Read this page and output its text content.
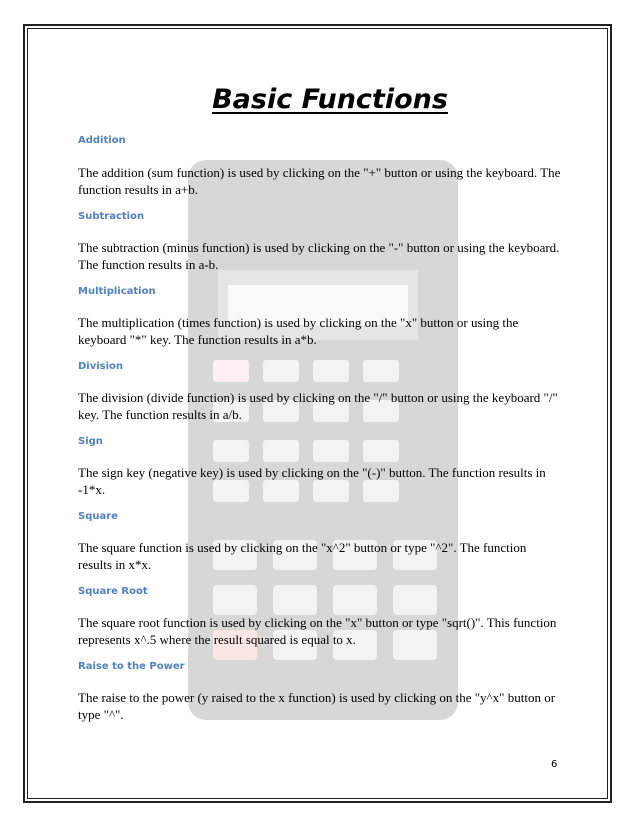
Basic Functions

Addition

The addition (sum function) is used by clicking on the "+" button or using the keyboard. The function results in a+b.

Subtraction

The subtraction (minus function) is used by clicking on the "-" button or using the keyboard. The function results in a-b.

Multiplication

The multiplication (times function) is used by clicking on the "x" button or using the keyboard "*" key. The function results in a*b.

Division

The division (divide function) is used by clicking on the "/" button or using the keyboard "/" key. The function results in a/b.

Sign

The sign key (negative key) is used by clicking on the "(-)" button. The function results in -1*x.

Square

The square function is used by clicking on the "x^2" button or type "^2". The function results in x*x.

Square Root

The square root function is used by clicking on the "x" button or type "sqrt()". This function represents x^.5 where the result squared is equal to x.

Raise to the Power

The raise to the power (y raised to the x function) is used by clicking on the "y^x" button or type "^".

6
